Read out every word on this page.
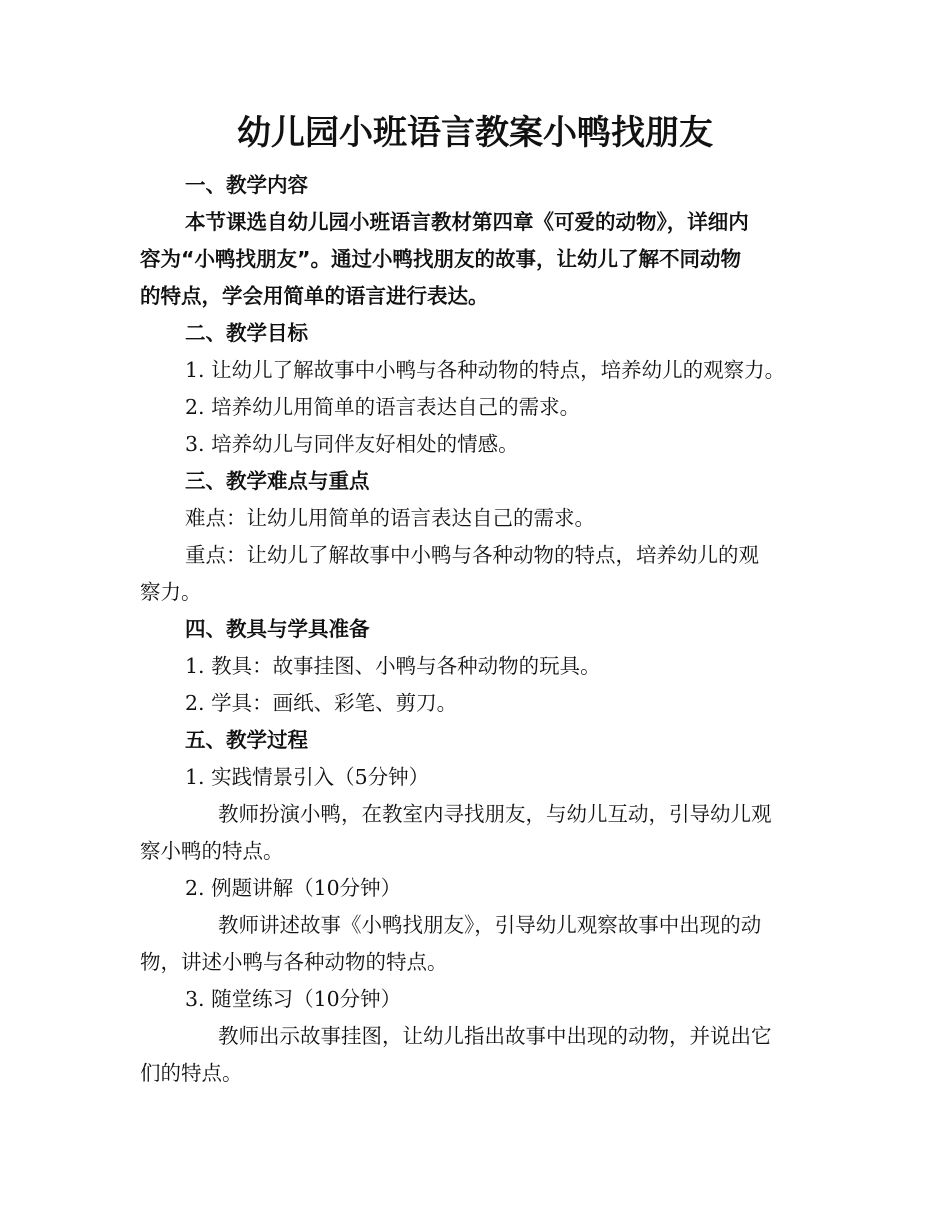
幼儿园小班语言教案小鸭找朋友
一、教学内容
本节课选自幼儿园小班语言教材第四章《可爱的动物》，详细内
容为“小鸭找朋友”。通过小鸭找朋友的故事，让幼儿了解不同动物
的特点，学会用简单的语言进行表达。
二、教学目标
1. 让幼儿了解故事中小鸭与各种动物的特点，培养幼儿的观察力。
2. 培养幼儿用简单的语言表达自己的需求。
3. 培养幼儿与同伴友好相处的情感。
三、教学难点与重点
难点：让幼儿用简单的语言表达自己的需求。
重点：让幼儿了解故事中小鸭与各种动物的特点，培养幼儿的观
察力。
四、教具与学具准备
1. 教具：故事挂图、小鸭与各种动物的玩具。
2. 学具：画纸、彩笔、剪刀。
五、教学过程
1. 实践情景引入（5分钟）
教师扮演小鸭，在教室内寻找朋友，与幼儿互动，引导幼儿观
察小鸭的特点。
2. 例题讲解（10分钟）
教师讲述故事《小鸭找朋友》，引导幼儿观察故事中出现的动
物，讲述小鸭与各种动物的特点。
3. 随堂练习（10分钟）
教师出示故事挂图，让幼儿指出故事中出现的动物，并说出它
们的特点。
